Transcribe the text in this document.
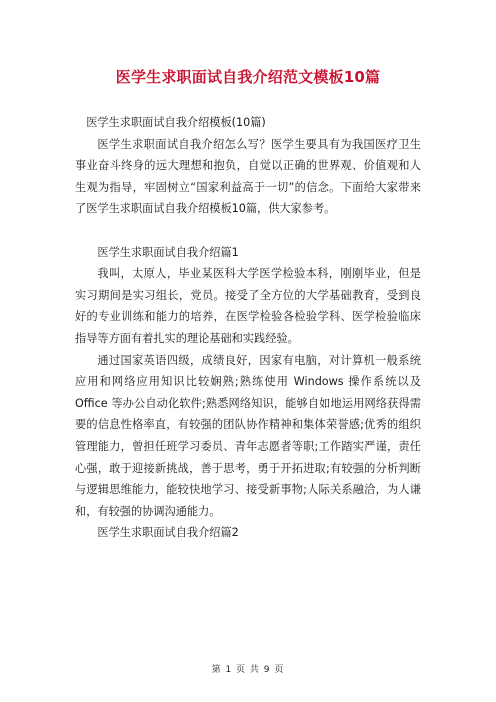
医学生求职面试自我介绍范文模板10篇

医学生求职面试自我介绍模板(10篇)

医学生求职面试自我介绍怎么写？医学生要具有为我国医疗卫生事业奋斗终身的远大理想和抱负，自觉以正确的世界观、价值观和人生观为指导，牢固树立“国家利益高于一切”的信念。下面给大家带来了医学生求职面试自我介绍模板10篇，供大家参考。

医学生求职面试自我介绍篇1

我叫，太原人，毕业某医科大学医学检验本科，刚刚毕业，但是实习期间是实习组长，党员。接受了全方位的大学基础教育，受到良好的专业训练和能力的培养，在医学检验各检验学科、医学检验临床指导等方面有着扎实的理论基础和实践经验。

通过国家英语四级，成绩良好，因家有电脑，对计算机一般系统应用和网络应用知识比较娴熟;熟练使用 Windows 操作系统以及Office 等办公自动化软件;熟悉网络知识，能够自如地运用网络获得需要的信息性格率直，有较强的团队协作精神和集体荣誉感;优秀的组织管理能力，曾担任班学习委员、青年志愿者等职;工作踏实严谨，责任心强，敢于迎接新挑战，善于思考，勇于开拓进取;有较强的分析判断与逻辑思维能力，能较快地学习、接受新事物;人际关系融洽，为人谦和，有较强的协调沟通能力。

医学生求职面试自我介绍篇2

第 1 页 共 9 页
